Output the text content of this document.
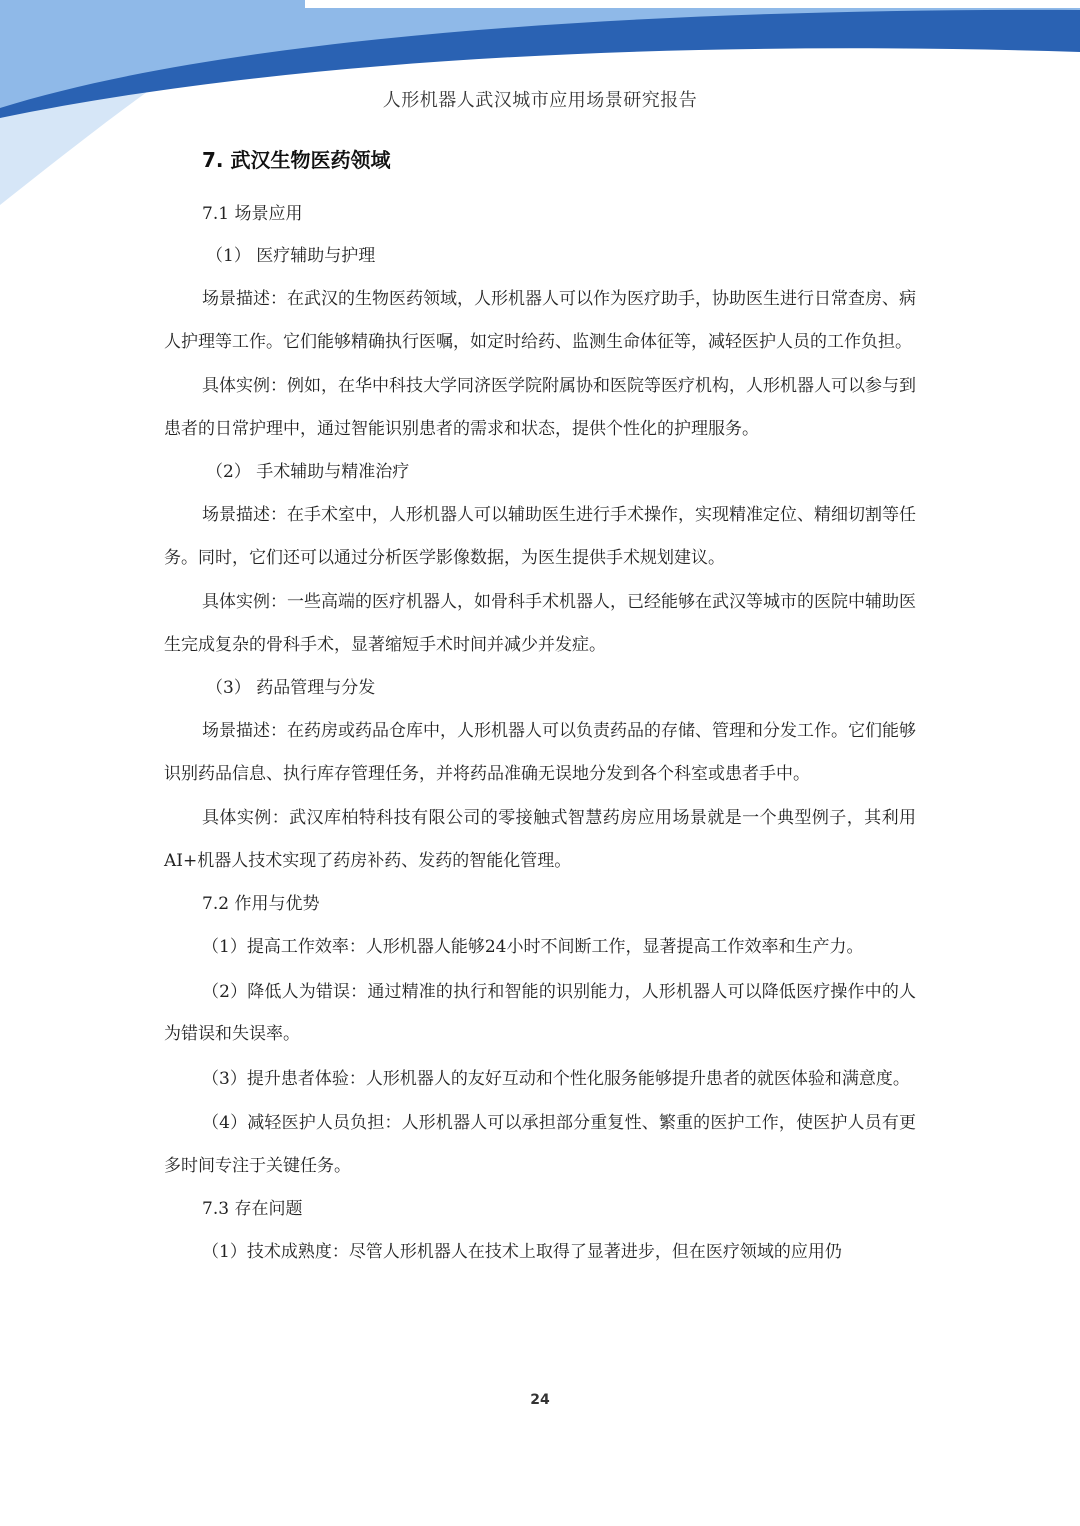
人形机器人武汉城市应用场景研究报告
7. 武汉生物医药领域
7.1 场景应用
（1） 医疗辅助与护理

场景描述：在武汉的生物医药领域，人形机器人可以作为医疗助手，协助医生进行日常查房、病人护理等工作。它们能够精确执行医嘱，如定时给药、监测生命体征等，减轻医护人员的工作负担。

具体实例：例如，在华中科技大学同济医学院附属协和医院等医疗机构，人形机器人可以参与到患者的日常护理中，通过智能识别患者的需求和状态，提供个性化的护理服务。

（2） 手术辅助与精准治疗

场景描述：在手术室中，人形机器人可以辅助医生进行手术操作，实现精准定位、精细切割等任务。同时，它们还可以通过分析医学影像数据，为医生提供手术规划建议。

具体实例：一些高端的医疗机器人，如骨科手术机器人，已经能够在武汉等城市的医院中辅助医生完成复杂的骨科手术，显著缩短手术时间并减少并发症。

（3） 药品管理与分发

场景描述：在药房或药品仓库中，人形机器人可以负责药品的存储、管理和分发工作。它们能够识别药品信息、执行库存管理任务，并将药品准确无误地分发到各个科室或患者手中。

具体实例：武汉库柏特科技有限公司的零接触式智慧药房应用场景就是一个典型例子，其利用AI+机器人技术实现了药房补药、发药的智能化管理。

7.2 作用与优势

（1）提高工作效率：人形机器人能够24小时不间断工作，显著提高工作效率和生产力。

（2）降低人为错误：通过精准的执行和智能的识别能力，人形机器人可以降低医疗操作中的人为错误和失误率。

（3）提升患者体验：人形机器人的友好互动和个性化服务能够提升患者的就医体验和满意度。

（4）减轻医护人员负担：人形机器人可以承担部分重复性、繁重的医护工作，使医护人员有更多时间专注于关键任务。

7.3 存在问题

（1）技术成熟度：尽管人形机器人在技术上取得了显著进步，但在医疗领域的应用仍

24
